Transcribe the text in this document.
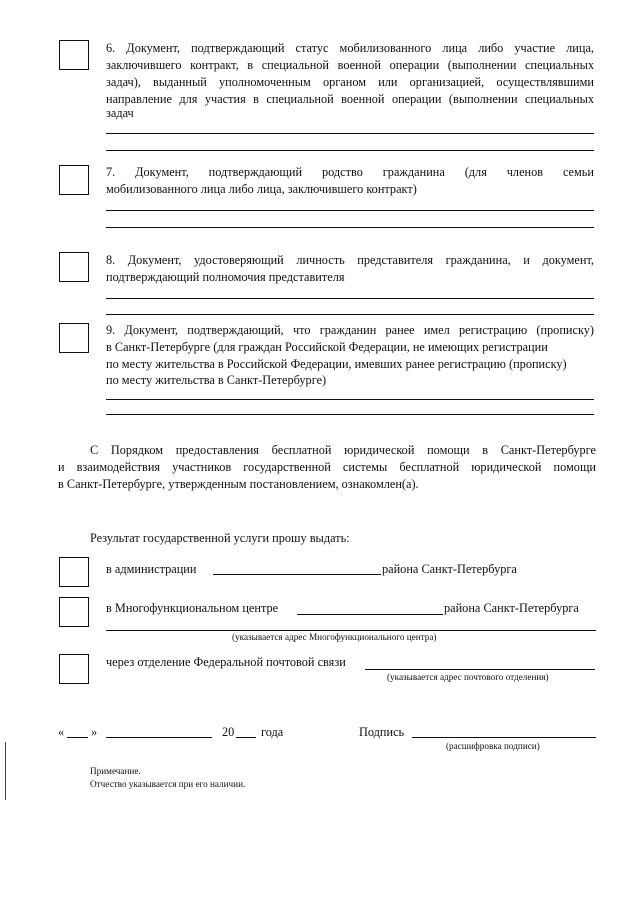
6. Документ, подтверждающий статус мобилизованного лица либо участие лица,
заключившего контракт, в специальной военной операции (выполнении специальных
задач), выданный уполномоченным органом или организацией, осуществлявшими
направление для участия в специальной военной операции (выполнении специальных
задач
7. Документ, подтверждающий родство гражданина (для членов семьи
мобилизованного лица либо лица, заключившего контракт)
8. Документ, удостоверяющий личность представителя гражданина, и документ,
подтверждающий полномочия представителя
9. Документ, подтверждающий, что гражданин ранее имел регистрацию (прописку)
в Санкт-Петербурге (для граждан Российской Федерации, не имеющих регистрации
по месту жительства в Российской Федерации, имевших ранее регистрацию (прописку)
по месту жительства в Санкт-Петербурге)
С Порядком предоставления бесплатной юридической помощи в Санкт-Петербурге
и взаимодействия участников государственной системы бесплатной юридической помощи
в Санкт-Петербурге, утвержденным постановлением, ознакомлен(а).
Результат государственной услуги прошу выдать:
в администрации	района Санкт-Петербурга
в Многофункциональном центре	района Санкт-Петербурга
(указывается адрес Многофункционального центра)
через отделение Федеральной почтовой связи
(указывается адрес почтового отделения)
« »	20 года	Подпись
(расшифровка подписи)
Примечание.
Отчество указывается при его наличии.
